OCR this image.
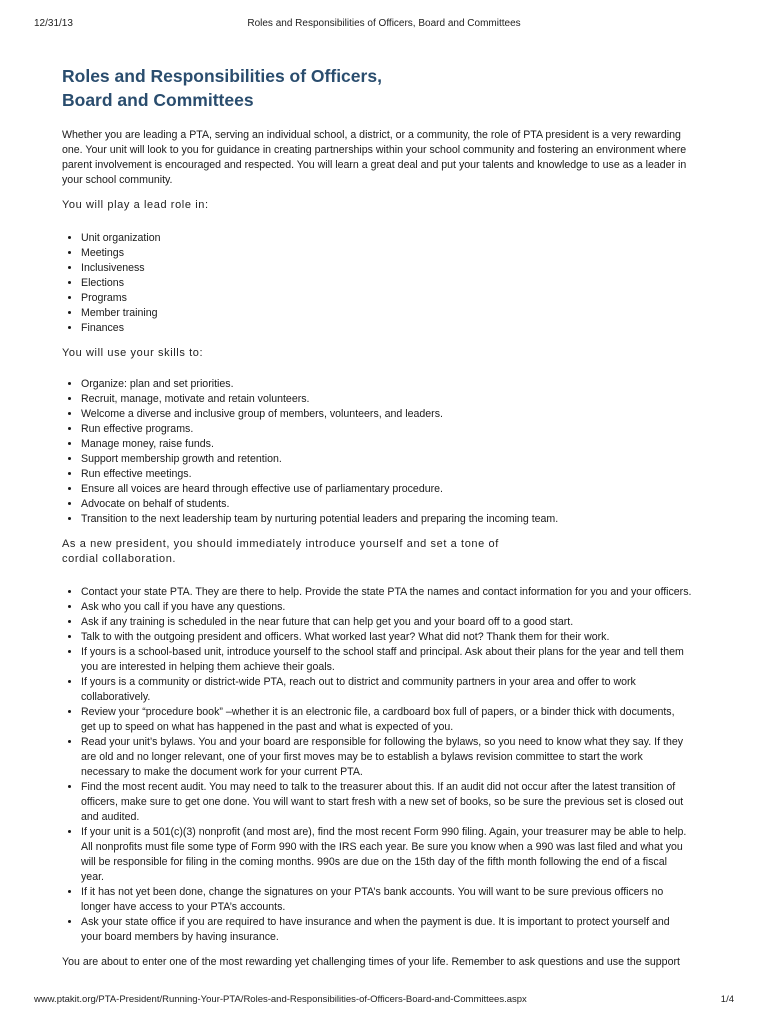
12/31/13	Roles and Responsibilities of Officers, Board and Committees
Roles and Responsibilities of Officers,
Board and Committees

Whether you are leading a PTA, serving an individual school, a district, or a community, the role of PTA president is a very rewarding one. Your unit will look to you for guidance in creating partnerships within your school community and fostering an environment where parent involvement is encouraged and respected. You will learn a great deal and put your talents and knowledge to use as a leader in your school community.

You will play a lead role in:

• Unit organization
• Meetings
• Inclusiveness
• Elections
• Programs
• Member training
• Finances

You will use your skills to:

• Organize: plan and set priorities.
• Recruit, manage, motivate and retain volunteers.
• Welcome a diverse and inclusive group of members, volunteers, and leaders.
• Run effective programs.
• Manage money, raise funds.
• Support membership growth and retention.
• Run effective meetings.
• Ensure all voices are heard through effective use of parliamentary procedure.
• Advocate on behalf of students.
• Transition to the next leadership team by nurturing potential leaders and preparing the incoming team.

As a new president, you should immediately introduce yourself and set a tone of cordial collaboration.

• Contact your state PTA. They are there to help. Provide the state PTA the names and contact information for you and your officers.
• Ask who you call if you have any questions.
• Ask if any training is scheduled in the near future that can help get you and your board off to a good start.
• Talk to with the outgoing president and officers. What worked last year? What did not? Thank them for their work.
• If yours is a school-based unit, introduce yourself to the school staff and principal. Ask about their plans for the year and tell them you are interested in helping them achieve their goals.
• If yours is a community or district-wide PTA, reach out to district and community partners in your area and offer to work collaboratively.
• Review your “procedure book” –whether it is an electronic file, a cardboard box full of papers, or a binder thick with documents, get up to speed on what has happened in the past and what is expected of you.
• Read your unit’s bylaws. You and your board are responsible for following the bylaws, so you need to know what they say. If they are old and no longer relevant, one of your first moves may be to establish a bylaws revision committee to start the work necessary to make the document work for your current PTA.
• Find the most recent audit. You may need to talk to the treasurer about this. If an audit did not occur after the latest transition of officers, make sure to get one done. You will want to start fresh with a new set of books, so be sure the previous set is closed out and audited.
• If your unit is a 501(c)(3) nonprofit (and most are), find the most recent Form 990 filing. Again, your treasurer may be able to help. All nonprofits must file some type of Form 990 with the IRS each year. Be sure you know when a 990 was last filed and what you will be responsible for filing in the coming months. 990s are due on the 15th day of the fifth month following the end of a fiscal year.
• If it has not yet been done, change the signatures on your PTA’s bank accounts. You will want to be sure previous officers no longer have access to your PTA’s accounts.
• Ask your state office if you are required to have insurance and when the payment is due. It is important to protect yourself and your board members by having insurance.

You are about to enter one of the most rewarding yet challenging times of your life. Remember to ask questions and use the support

www.ptakit.org/PTA-President/Running-Your-PTA/Roles-and-Responsibilities-of-Officers-Board-and-Committees.aspx	1/4
